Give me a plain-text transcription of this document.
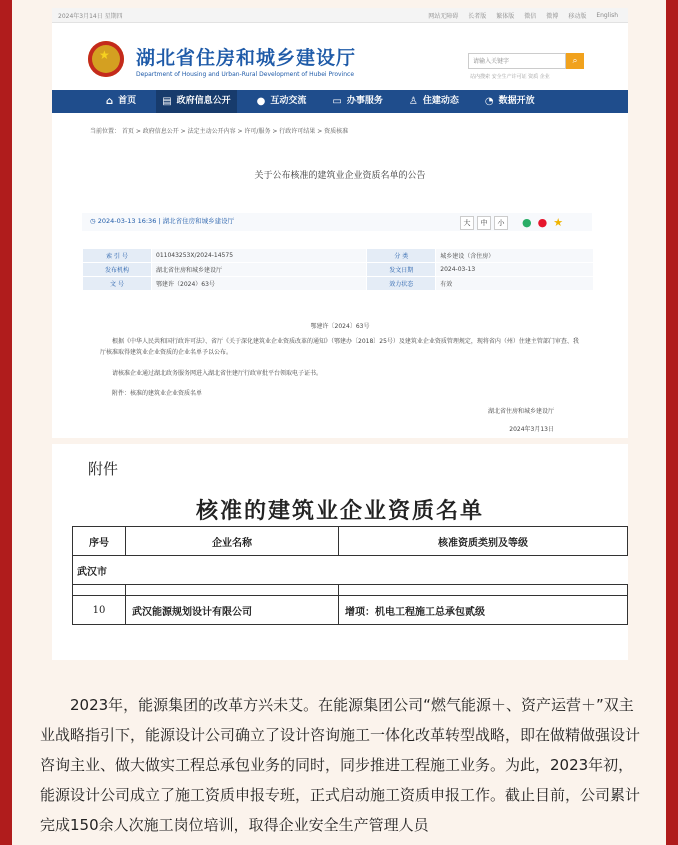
2024年3月14日 星期四	网站无障碍 长者版 繁体版 微信 微博 移动版 English
★ 湖北省住房和城乡建设厅
Department of Housing and Urban-Rural Development of Hubei Province
请输入关键字	⌕
站内搜索 安全生产许可证 资质 企业
⌂ 首页	▤ 政府信息公开	● 互动交流	▭ 办事服务	♙ 住建动态	◔ 数据开放
当前位置： 首页 > 政府信息公开 > 法定主动公开内容 > 许可/服务 > 行政许可结果 > 资质核准
关于公布核准的建筑业企业资质名单的公告
◷ 2024-03-13 16:36 | 湖北省住房和城乡建设厅	大	中	小	● ● ★
索 引 号	011043253X/2024-14575	分 类	城乡建设（含住房）
发布机构	湖北省住房和城乡建设厅	发文日期	2024-03-13
文 号	鄂建许（2024）63号	效力状态	有效
鄂建许〔2024〕63号
根据《中华人民共和国行政许可法》、省厅《关于深化建筑业企业资质改革的通知》（鄂建办〔2018〕25号）及建筑业企业资质管理规定，现将省内（州）住建主管部门审查、我厅核准取得建筑业企业资质的企业名单予以公布。
请核准企业通过湖北政务服务网进入湖北省住建厅行政审批平台领取电子证书。
附件：核准的建筑业企业资质名单
湖北省住房和城乡建设厅
2024年3月13日
附件
核准的建筑业企业资质名单
序号	企业名称	核准资质类别及等级
武汉市		

10	武汉能源规划设计有限公司	增项：机电工程施工总承包贰级
2023年，能源集团的改革方兴未艾。在能源集团公司“燃气能源＋、资产运营＋”双主业战略指引下，能源设计公司确立了设计咨询施工一体化改革转型战略，即在做精做强设计咨询主业、做大做实工程总承包业务的同时，同步推进工程施工业务。为此，2023年初，能源设计公司成立了施工资质申报专班，正式启动施工资质申报工作。截止目前，公司累计完成150余人次施工岗位培训，取得企业安全生产管理人员
